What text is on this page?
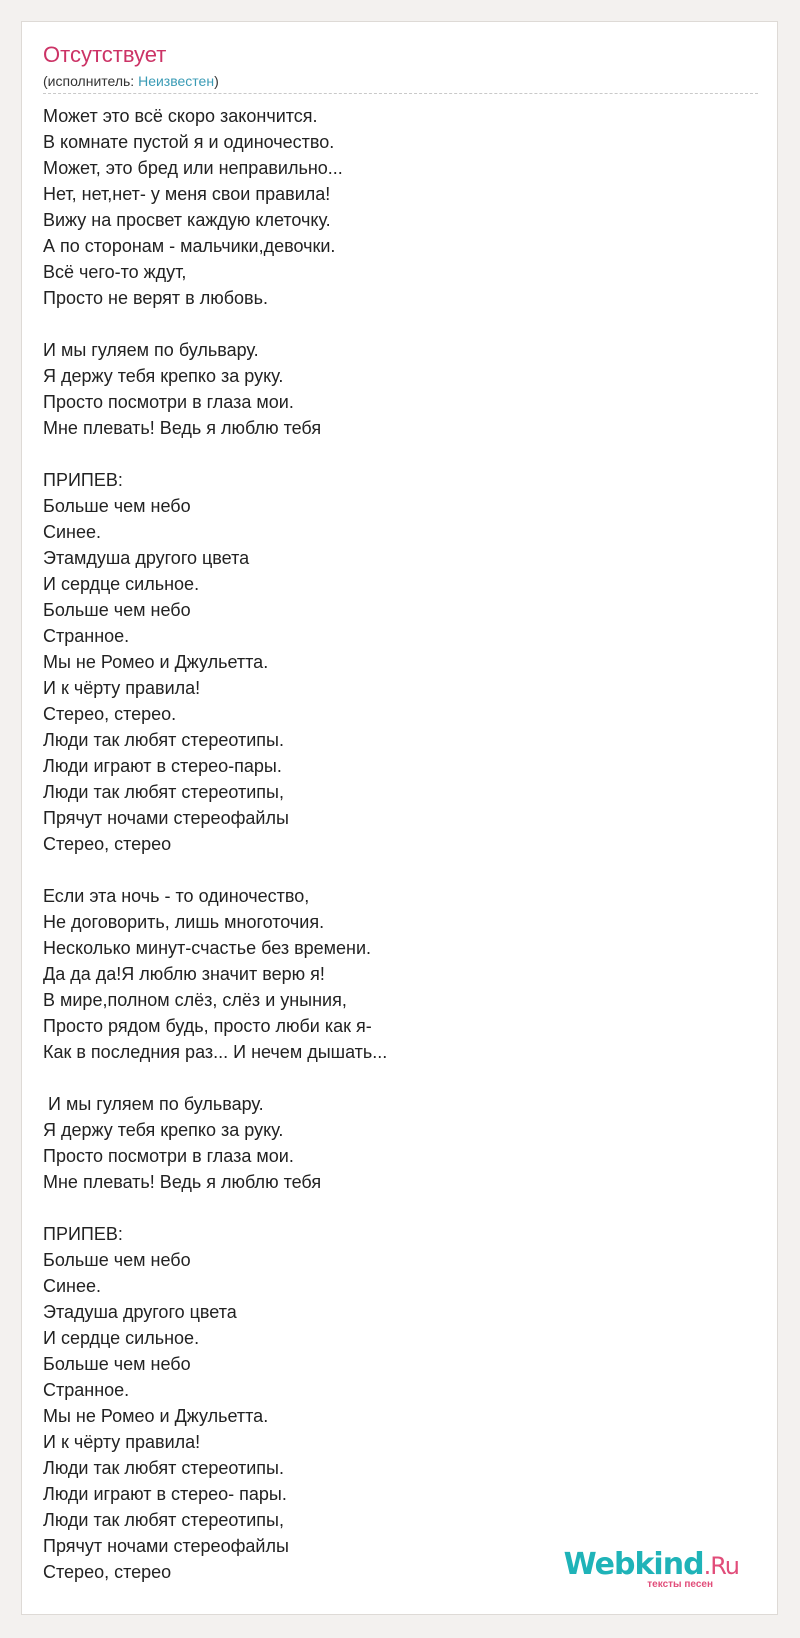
Отсутствует
(исполнитель: Неизвестен)
Может это всё скоро закончится.
В комнате пустой я и одиночество.
Может, это бред или неправильно...
Нет, нет,нет- у меня свои правила!
Вижу на просвет каждую клеточку.
А по сторонам - мальчики,девочки.
Всё чего-то ждут,
Просто не верят в любовь.
И мы гуляем по бульвару.
Я держу тебя крепко за руку.
Просто посмотри в глаза мои.
Мне плевать! Ведь я люблю тебя
ПРИПЕВ:
Больше чем небо
Синее.
Этамдуша другого цвета
И сердце сильное.
Больше чем небо
Странное.
Мы не Ромео и Джульетта.
И к чёрту правила!
Стерео, стерео.
Люди так любят стереотипы.
Люди играют в стерео-пары.
Люди так любят стереотипы,
Прячут ночами стереофайлы
Стерео, стерео
Если эта ночь - то одиночество,
Не договорить, лишь многоточия.
Несколько минут-счастье без времени.
Да да да!Я люблю значит верю я!
В мире,полном слёз, слёз и уныния,
Просто рядом будь, просто люби как я-
Как в последния раз... И нечем дышать...
И мы гуляем по бульвару.
Я держу тебя крепко за руку.
Просто посмотри в глаза мои.
Мне плевать! Ведь я люблю тебя
ПРИПЕВ:
Больше чем небо
Синее.
Этадуша другого цвета
И сердце сильное.
Больше чем небо
Странное.
Мы не Ромео и Джульетта.
И к чёрту правила!
Люди так любят стереотипы.
Люди играют в стерео- пары.
Люди так любят стереотипы,
Прячут ночами стереофайлы
Стерео, стерео	Webkind.Ru
тексты песен
